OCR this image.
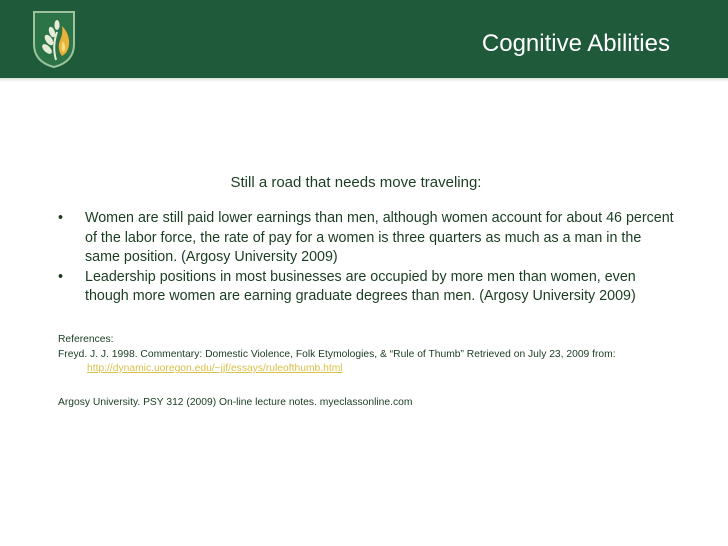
Cognitive Abilities
Still a road that needs move traveling:
• Women are still paid lower earnings than men, although women account for about 46 percent of the labor force, the rate of pay for a women is three quarters as much as a man in the same position. (Argosy University 2009)
• Leadership positions in most businesses are occupied by more men than women, even though more women are earning graduate degrees than men. (Argosy University 2009)

References:

Freyd. J. J. 1998. Commentary: Domestic Violence, Folk Etymologies, & “Rule of Thumb” Retrieved on July 23, 2009 from:
http://dynamic.uoregon.edu/~jjf/essays/ruleofthumb.html

Argosy University. PSY 312 (2009) On-line lecture notes. myeclassonline.com
